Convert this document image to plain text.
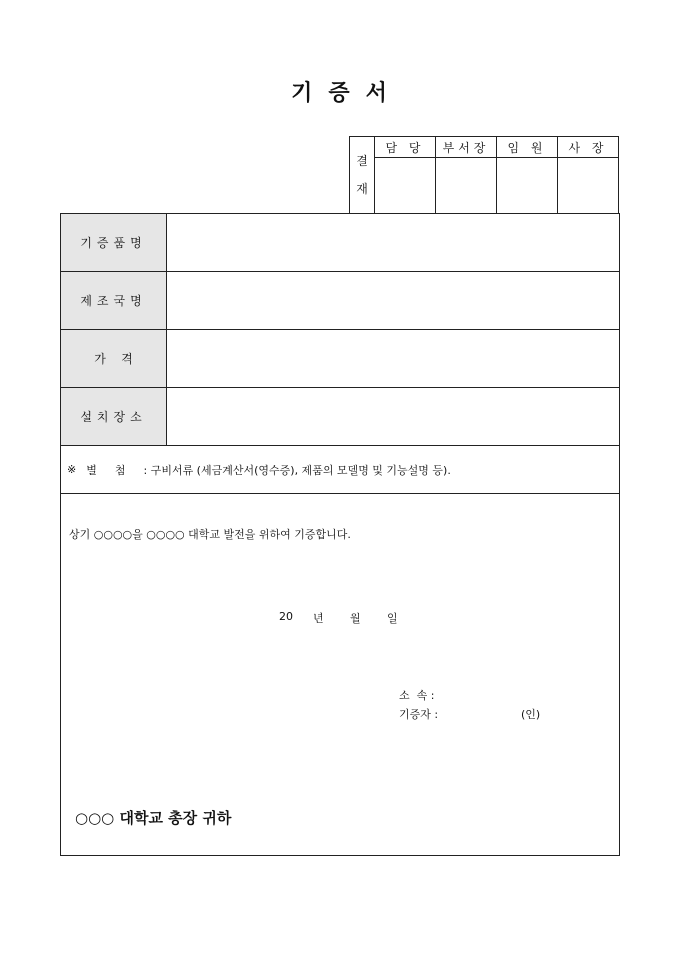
기 증 서
결
재	담 당	부서장	임 원	사 장

기증품명
제조국명
가    격
설치장소
※ 별첨 : 구비서류 (세금계산서(영수증), 제품의 모델명 및 기능설명 등).
상기 ○○○○을 ○○○○ 대학교 발전을 위하여 기증합니다.
20 년 월 일
소  속 :
기증자 :	(인)
○○○ 대학교 총장 귀하
